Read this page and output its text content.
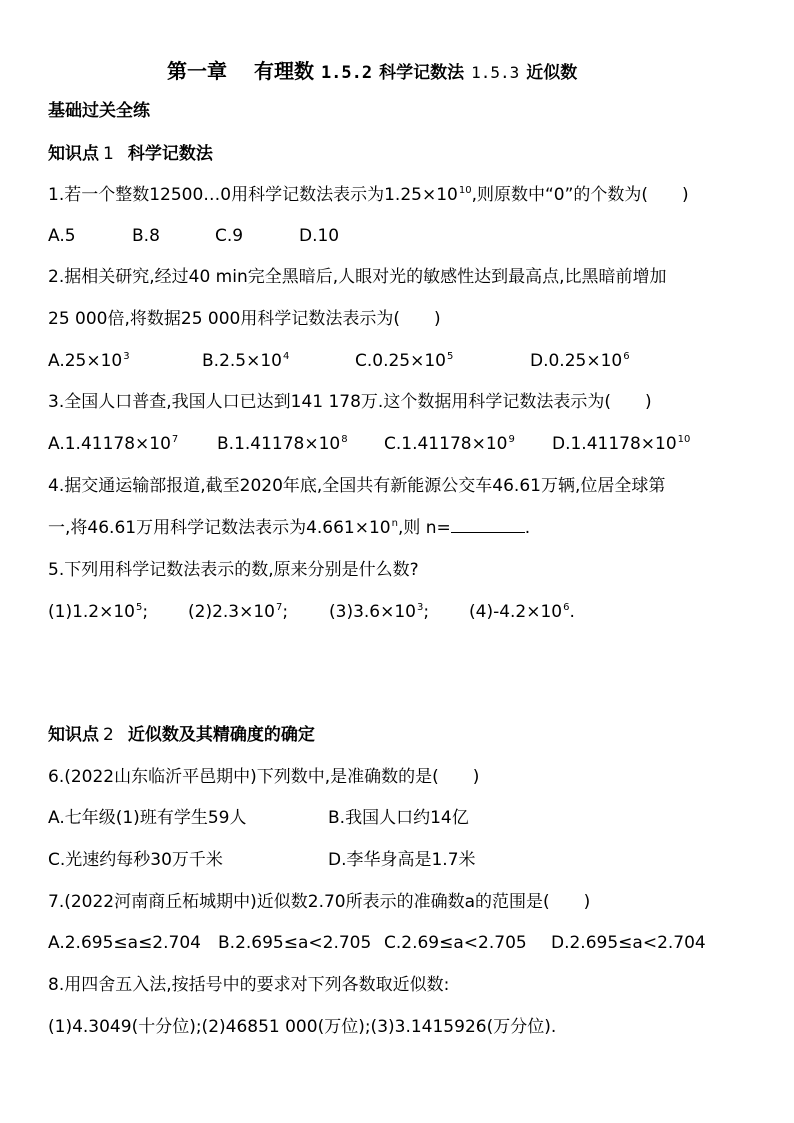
第一章　 有理数 1.5.2 科学记数法 1.5.3 近似数
基础过关全练
知识点 1 科学记数法
1.若一个整数12500…0用科学记数法表示为$1.25\times 10^{10}$,则原数中“0”的个数为(　　)
A.5	B.8	C.9	D.10
2.据相关研究,经过40 min完全黑暗后,人眼对光的敏感性达到最高点,比黑暗前增加
25 000倍,将数据25 000用科学记数法表示为(　　)
$A.25\times 10^3$	$B.2.5\times 10^4$	$C.0.25\times 10^5$	$D.0.25\times 10^6$
3.全国人口普查,我国人口已达到141 178万.这个数据用科学记数法表示为(　　)
$A.1.41178\times 10^7$ $B.1.41178\times 10^8$ $C.1.41178\times 10^9$ $D.1.41178\times 10^{10}$
4.据交通运输部报道,截至2020年底,全国共有新能源公交车46.61万辆,位居全球第
一,将46.61万用科学记数法表示为$4.661\times 10^n$,则 n=	.
5.下列用科学记数法表示的数,原来分别是什么数?
$(1)1.2\times 10^5$; $(2)2.3\times 10^7$; $(3)3.6\times 10^3$; $(4)-4.2\times 10^6$.
知识点 2 近似数及其精确度的确定
6.(2022山东临沂平邑期中)下列数中,是准确数的是(　　)
A.七年级(1)班有学生59人	B.我国人口约14亿
C.光速约每秒30万千米	D.李华身高是1.7米
7.(2022河南商丘柘城期中)近似数2.70所表示的准确数a的范围是(　　)
A.2.695≤a≤2.704 B.2.695≤a<2.705 C.2.69≤a<2.705 D.2.695≤a<2.704
8.用四舍五入法,按括号中的要求对下列各数取近似数:
(1)4.3049(十分位);(2)46851 000(万位);(3)3.1415926(万分位).
